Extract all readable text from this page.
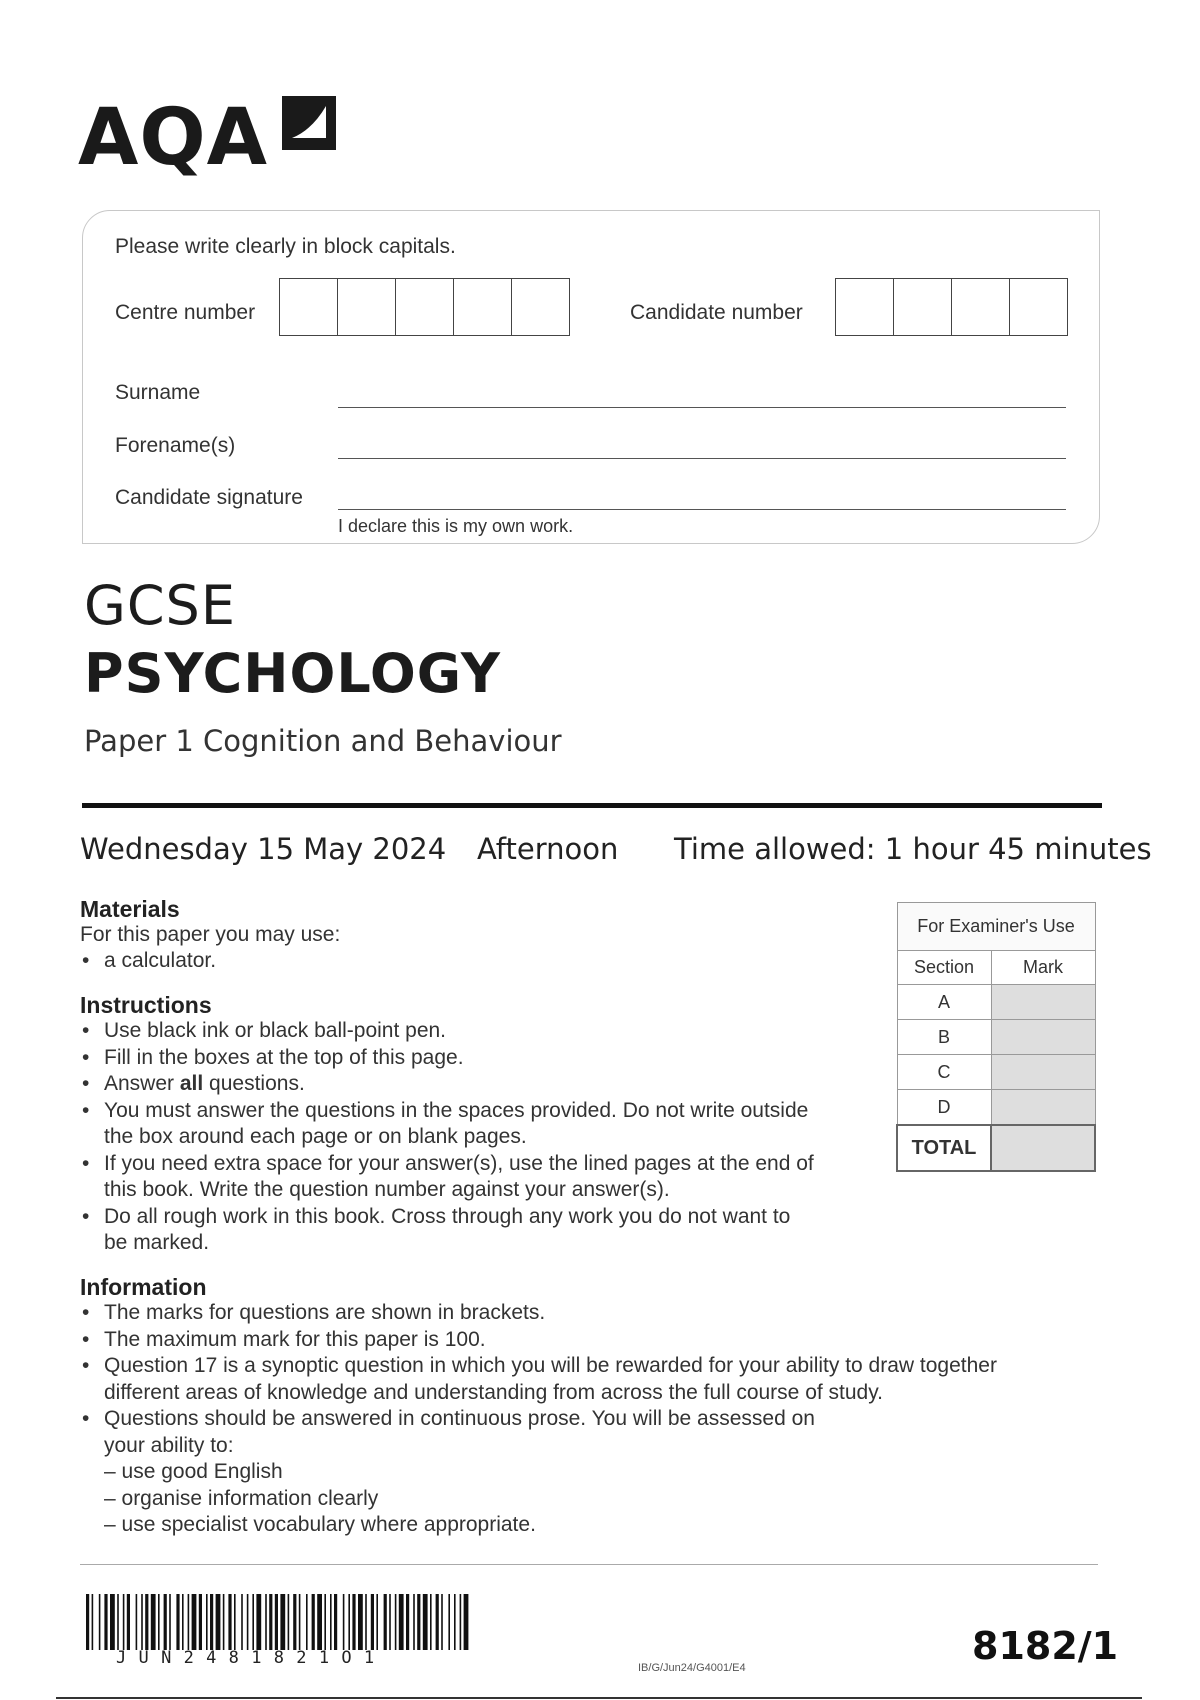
AQA
Please write clearly in block capitals.
Centre number	Candidate number
Surname
Forename(s)
Candidate signature
I declare this is my own work.
GCSE
PSYCHOLOGY
Paper 1 Cognition and Behaviour
Wednesday 15 May 2024 Afternoon Time allowed: 1 hour 45 minutes
Materials
For this paper you may use:
• a calculator.
Instructions
• Use black ink or black ball-point pen.
• Fill in the boxes at the top of this page.
• Answer all questions.
• You must answer the questions in the spaces provided. Do not write outside
the box around each page or on blank pages.
• If you need extra space for your answer(s), use the lined pages at the end of
this book. Write the question number against your answer(s).
• Do all rough work in this book. Cross through any work you do not want to
be marked.
Information
• The marks for questions are shown in brackets.
• The maximum mark for this paper is 100.
• Question 17 is a synoptic question in which you will be rewarded for your ability to draw together
different areas of knowledge and understanding from across the full course of study.
• Questions should be answered in continuous prose. You will be assessed on
your ability to:
– use good English
– organise information clearly
– use specialist vocabulary where appropriate.
For Examiner's Use	
Section	Mark
A	
B	
C	
D	
TOTAL	
JUN2481821O1	IB/G/Jun24/G4001/E4	8182/1
